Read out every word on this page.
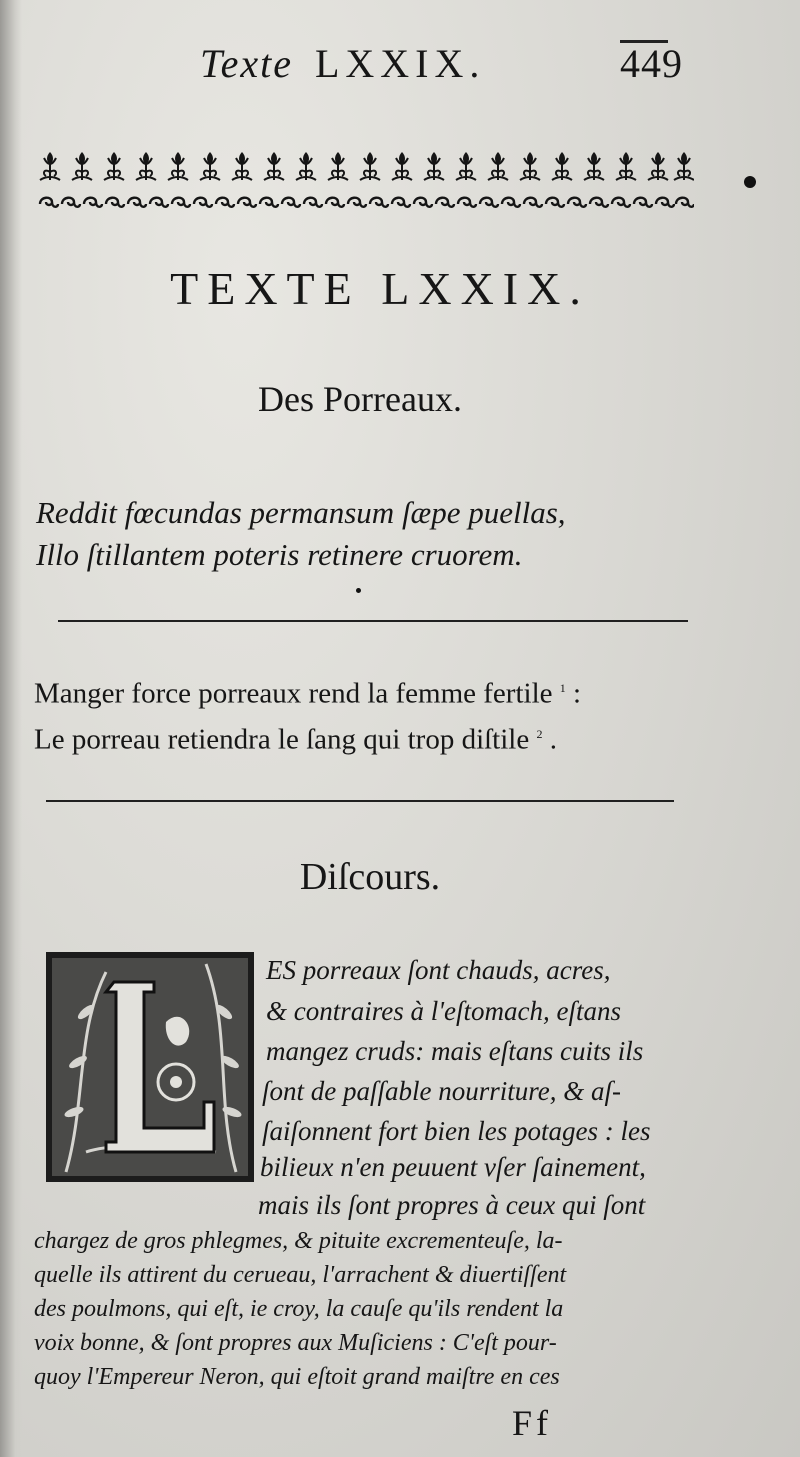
Texte LXXIX.	449
TEXTE LXXIX.
Des Porreaux.
Reddit fœcundas permansum ſæpe puellas,
Illo ſtillantem poteris retinere cruorem.
Manger force porreaux rend la femme fertile $^1$ :
Le porreau retiendra le ſang qui trop diſtile $^2$ .
Diſcours.
ES porreaux ſont chauds, acres,
& contraires à l'eſtomach, eſtans
mangez cruds: mais eſtans cuits ils
ſont de paſſable nourriture, & aſ-
ſaiſonnent fort bien les potages : les
bilieux n'en peuuent vſer ſainement,
mais ils ſont propres à ceux qui ſont
chargez de gros phlegmes, & pituite excrementeuſe, la-
quelle ils attirent du cerueau, l'arrachent & diuertiſſent
des poulmons, qui eſt, ie croy, la cauſe qu'ils rendent la
voix bonne, & ſont propres aux Muſiciens : C'eſt pour-
quoy l'Empereur Neron, qui eſtoit grand maiſtre en ces
Ff
